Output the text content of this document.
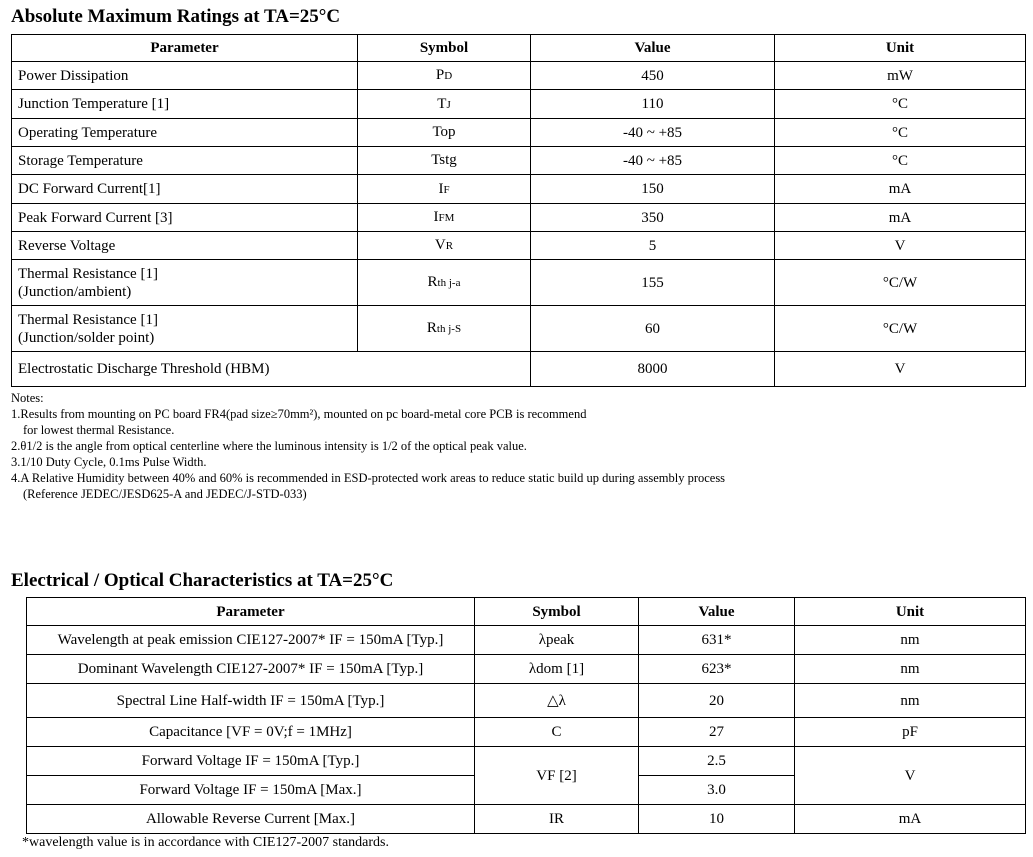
Absolute Maximum Ratings at TA=25°C
Parameter	Symbol	Value	Unit
Power Dissipation	PD	450	mW
Junction Temperature [1]	TJ	110	°C
Operating Temperature	Top	-40 ~ +85	°C
Storage Temperature	Tstg	-40 ~ +85	°C
DC Forward Current[1]	IF	150	mA
Peak Forward Current [3]	IFM	350	mA
Reverse Voltage	VR	5	V

Thermal Resistance [1]
(Junction/ambient)	Rth j-a	155	°C/W

Thermal Resistance [1]
(Junction/solder point)	Rth j-S	60	°C/W
Electrostatic Discharge Threshold (HBM)		8000	V
Notes:
1.Results from mounting on PC board FR4(pad size≥70mm²), mounted on pc board-metal core PCB is recommend
for lowest thermal Resistance.
2.θ1/2 is the angle from optical centerline where the luminous intensity is 1/2 of the optical peak value.
3.1/10 Duty Cycle, 0.1ms Pulse Width.
4.A Relative Humidity between 40% and 60% is recommended in ESD-protected work areas to reduce static build up during assembly process
(Reference JEDEC/JESD625-A and JEDEC/J-STD-033)
Electrical / Optical Characteristics at TA=25°C
Parameter	Symbol	Value	Unit
Wavelength at peak emission CIE127-2007* IF = 150mA [Typ.]	λpeak	631*	nm
Dominant Wavelength CIE127-2007* IF = 150mA [Typ.]	λdom [1]	623*	nm
Spectral Line Half-width IF = 150mA [Typ.]	△λ	20	nm
Capacitance [VF = 0V;f = 1MHz]	C	27	pF
Forward Voltage IF = 150mA [Typ.]	VF [2]	2.5	V
Forward Voltage IF = 150mA [Max.]		3.0	
Allowable Reverse Current [Max.]	IR	10	mA
*wavelength value is in accordance with CIE127-2007 standards.
